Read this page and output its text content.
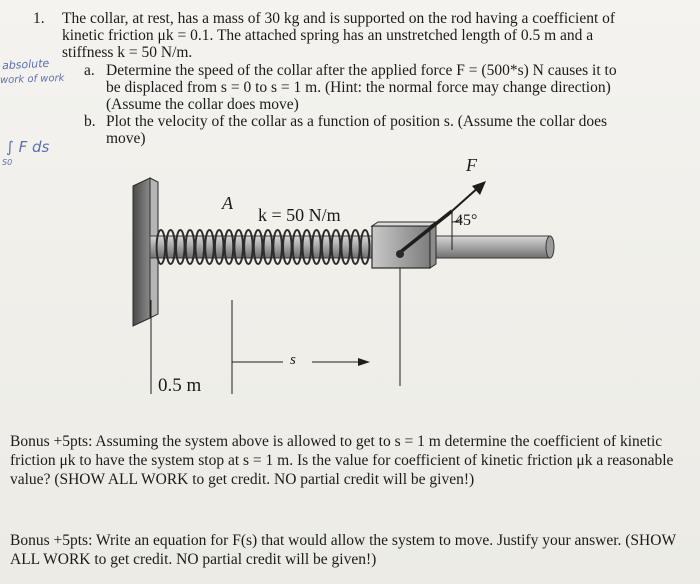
1. The collar, at rest, has a mass of 30 kg and is supported on the rod having a coefficient of
kinetic friction μk = 0.1. The attached spring has an unstretched length of 0.5 m and a
stiffness k = 50 N/m.
a. Determine the speed of the collar after the applied force F = (500*s) N causes it to
be displaced from s = 0 to s = 1 m. (Hint: the normal force may change direction)
(Assume the collar does move)
b. Plot the velocity of the collar as a function of position s. (Assume the collar does
move)
absolute
work of work
∫ F ds
S0
A
k = 50 N/m
F
45°
s
0.5 m
Bonus +5pts: Assuming the system above is allowed to get to s = 1 m determine the coefficient of kinetic friction μk to have the system stop at s = 1 m. Is the value for coefficient of kinetic friction μk a reasonable value? (SHOW ALL WORK to get credit. NO partial credit will be given!)
Bonus +5pts: Write an equation for F(s) that would allow the system to move. Justify your answer. (SHOW ALL WORK to get credit. NO partial credit will be given!)
